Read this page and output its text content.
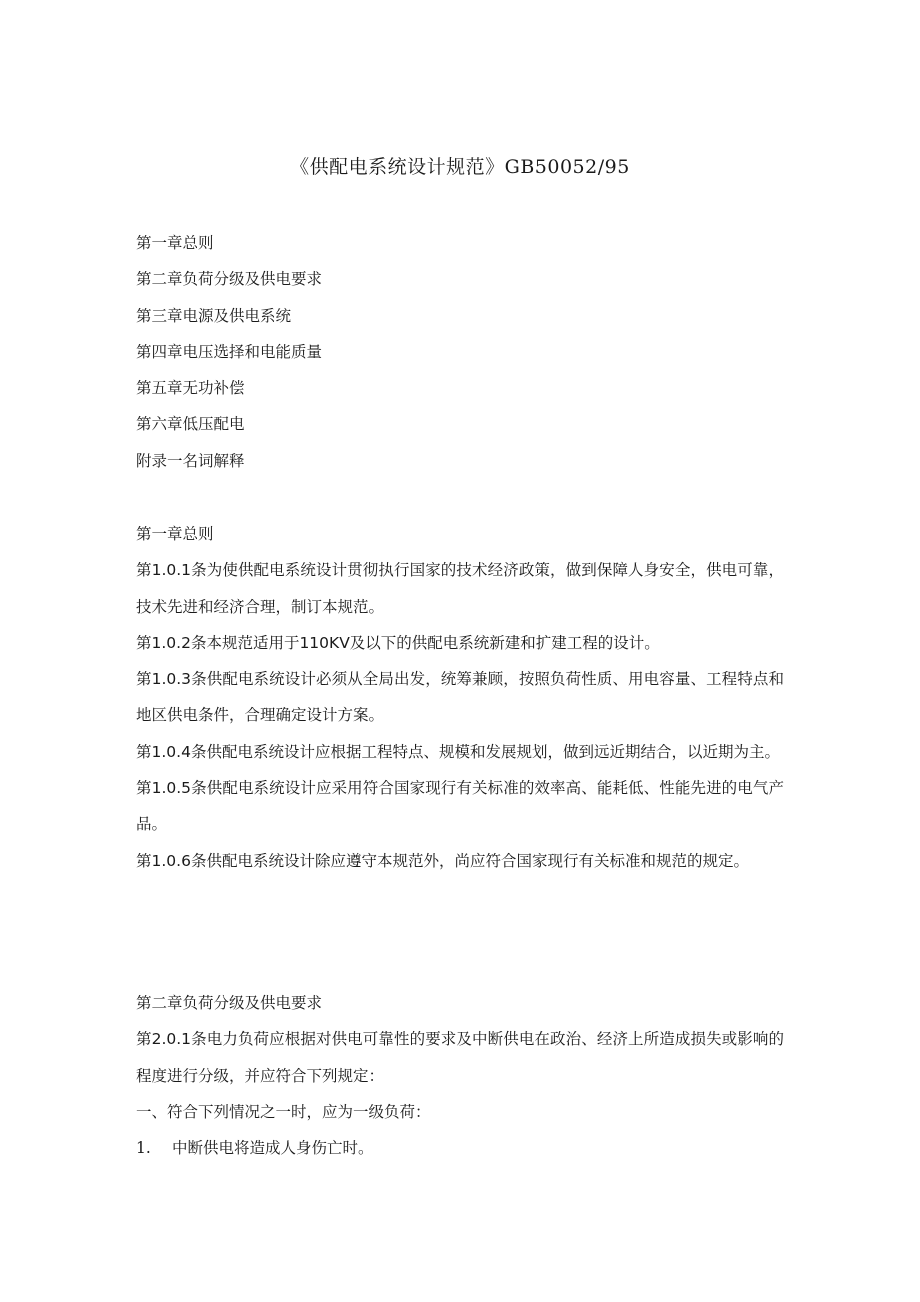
《供配电系统设计规范》GB50052/95

第一章总则

第二章负荷分级及供电要求

第三章电源及供电系统

第四章电压选择和电能质量

第五章无功补偿

第六章低压配电

附录一名词解释

第一章总则

第1.0.1条为使供配电系统设计贯彻执行国家的技术经济政策，做到保障人身安全，供电可靠，技术先进和经济合理，制订本规范。

第1.0.2条本规范适用于110KV及以下的供配电系统新建和扩建工程的设计。

第1.0.3条供配电系统设计必须从全局出发，统筹兼顾，按照负荷性质、用电容量、工程特点和地区供电条件，合理确定设计方案。

第1.0.4条供配电系统设计应根据工程特点、规模和发展规划，做到远近期结合，以近期为主。

第1.0.5条供配电系统设计应采用符合国家现行有关标准的效率高、能耗低、性能先进的电气产品。

第1.0.6条供配电系统设计除应遵守本规范外，尚应符合国家现行有关标准和规范的规定。

第二章负荷分级及供电要求

第2.0.1条电力负荷应根据对供电可靠性的要求及中断供电在政治、经济上所造成损失或影响的程度进行分级，并应符合下列规定：

一、符合下列情况之一时，应为一级负荷：

1. 中断供电将造成人身伤亡时。
